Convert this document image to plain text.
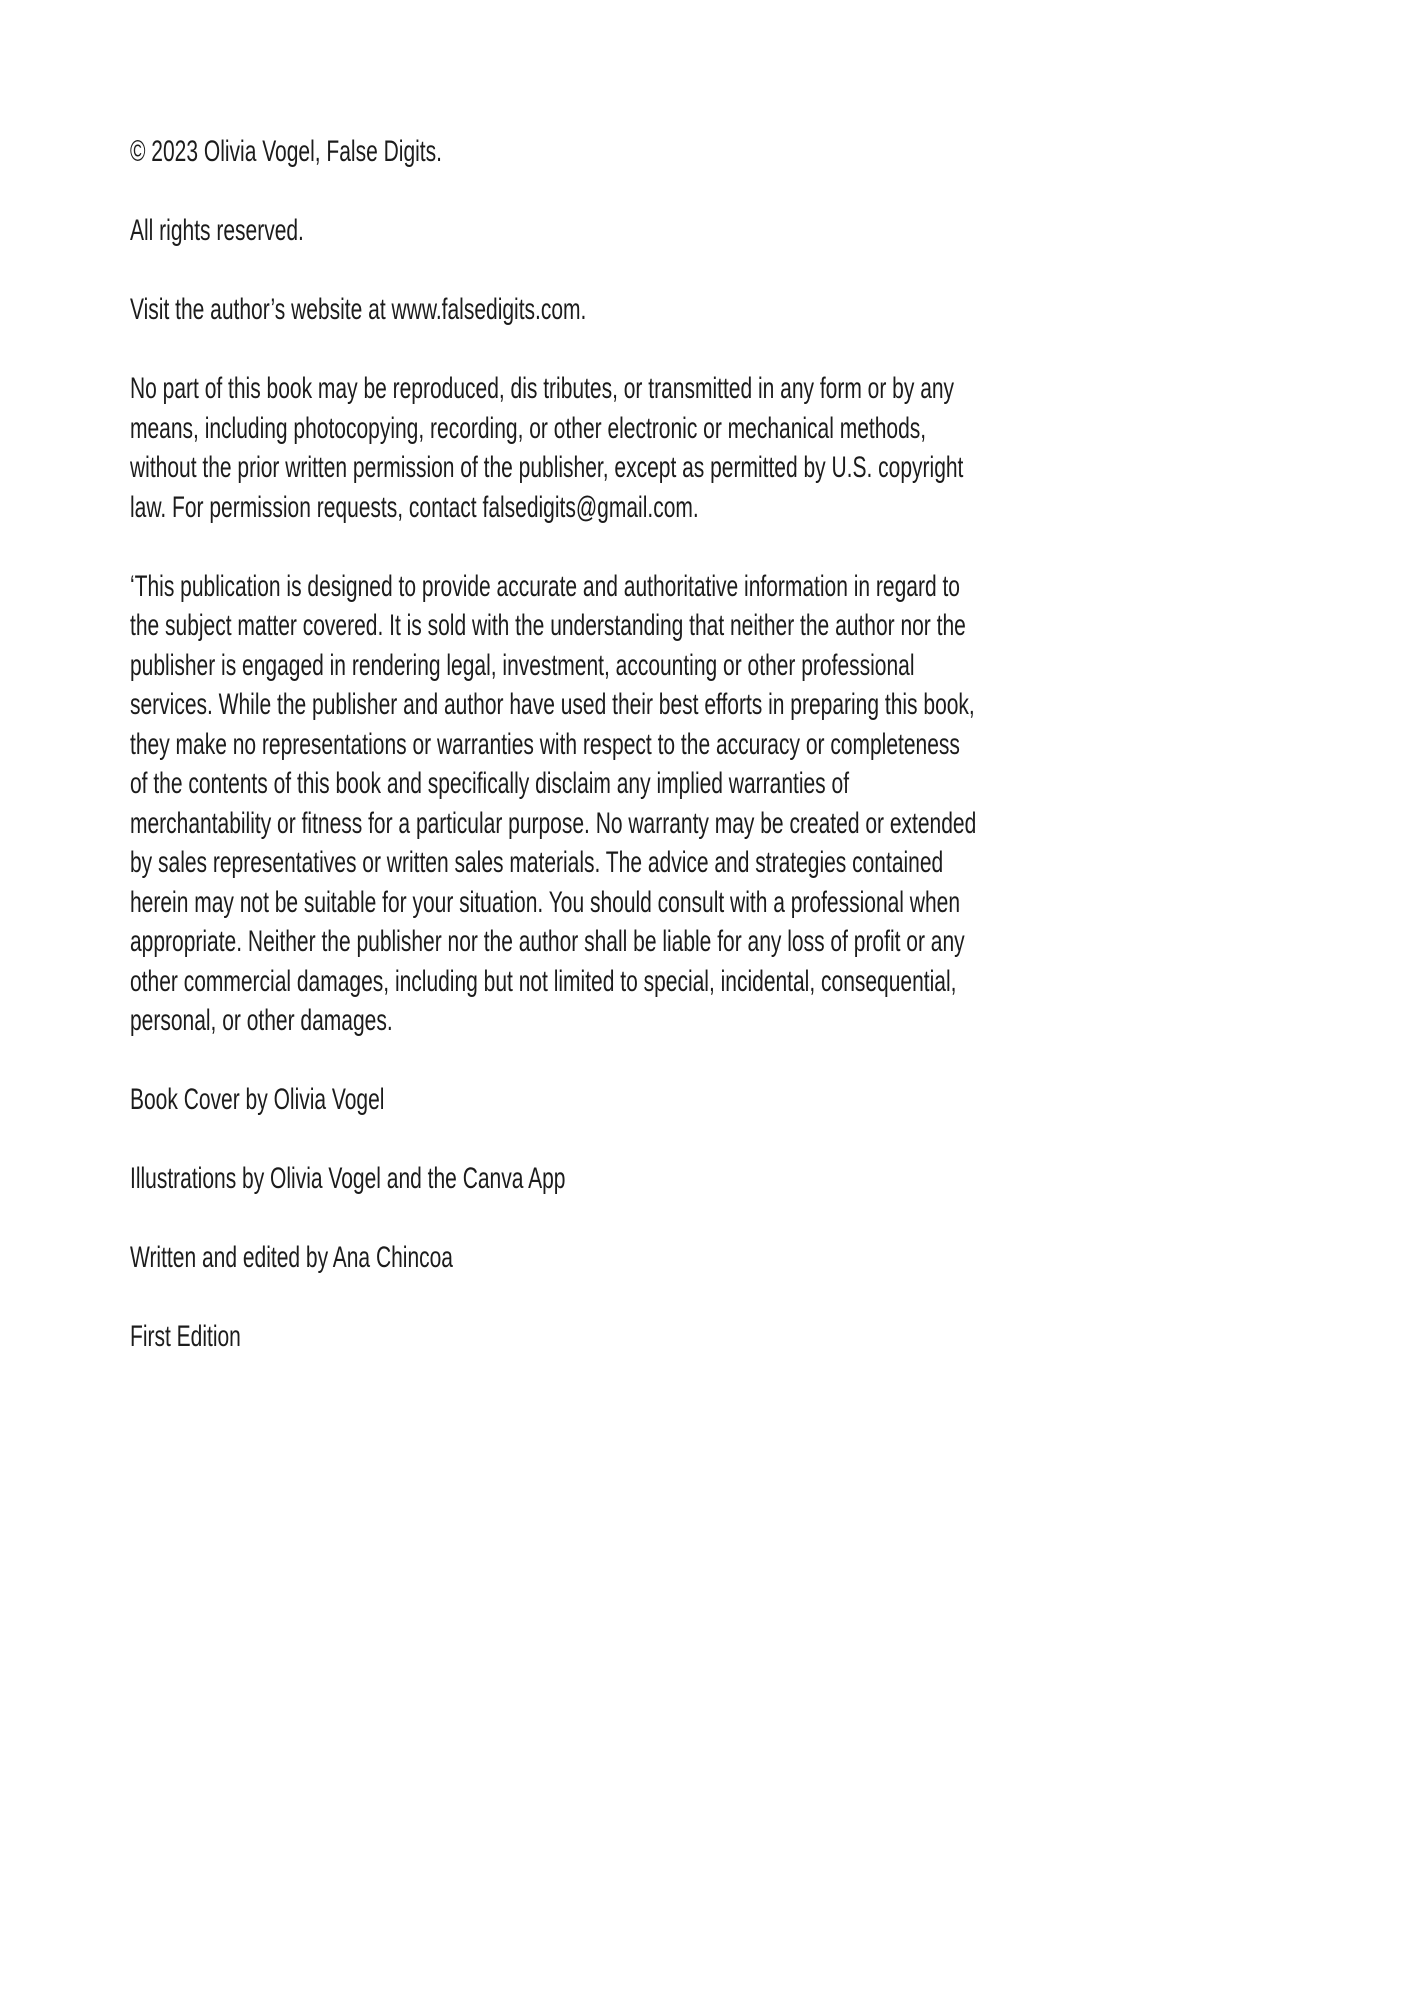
© 2023 Olivia Vogel, False Digits.

All rights reserved.

Visit the author’s website at www.falsedigits.com.

No part of this book may be reproduced, dis tributes, or transmitted in any form or by any
means, including photocopying, recording, or other electronic or mechanical methods,
without the prior written permission of the publisher, except as permitted by U.S. copyright
law. For permission requests, contact falsedigits@gmail.com.

‘This publication is designed to provide accurate and authoritative information in regard to
the subject matter covered. It is sold with the understanding that neither the author nor the
publisher is engaged in rendering legal, investment, accounting or other professional
services. While the publisher and author have used their best efforts in preparing this book,
they make no representations or warranties with respect to the accuracy or completeness
of the contents of this book and specifically disclaim any implied warranties of
merchantability or fitness for a particular purpose. No warranty may be created or extended
by sales representatives or written sales materials. The advice and strategies contained
herein may not be suitable for your situation. You should consult with a professional when
appropriate. Neither the publisher nor the author shall be liable for any loss of profit or any
other commercial damages, including but not limited to special, incidental, consequential,
personal, or other damages.

Book Cover by Olivia Vogel

Illustrations by Olivia Vogel and the Canva App

Written and edited by Ana Chincoa

First Edition
